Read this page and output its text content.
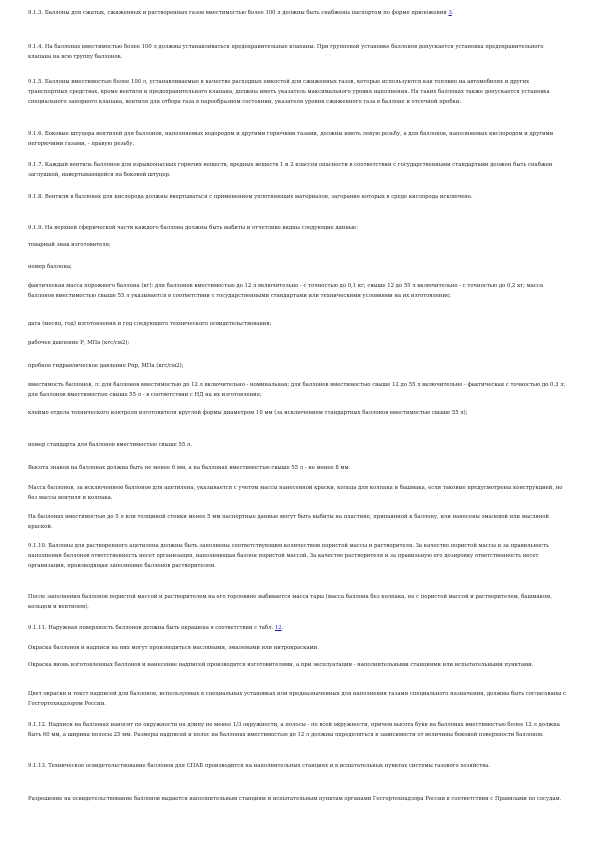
9.1.3. Баллоны для сжатых, сжиженных и растворенных газов вместимостью более 100 л должны быть снабжены паспортом по форме приложения 3.

9.1.4. На баллонах вместимостью более 100 л должны устанавливаться предохранительные клапаны. При групповой установке баллонов допускается установка предохранительного клапана на всю группу баллонов.

9.1.5. Баллоны вместимостью более 100 л, устанавливаемые в качестве расходных емкостей для сжиженных газов, которые используются как топливо на автомобилях и других транспортных средствах, кроме вентиля и предохранительного клапана, должны иметь указатель максимального уровня наполнения. На таких баллонах также допускается установка специального запорного клапана, вентиля для отбора газа в парообразном состоянии, указателя уровня сжиженного газа в баллоне и отсечной пробки.

9.1.6. Боковые штуцера вентилей для баллонов, наполняемых водородом и другими горючими газами, должны иметь левую резьбу, а для баллонов, наполняемых кислородом и другими негорючими газами, - правую резьбу.

9.1.7. Каждый вентиль баллонов для взрывоопасных горючих веществ, вредных веществ 1 и 2 классов опасности в соответствии с государственными стандартами должен быть снабжен заглушкой, навертывающейся на боковой штуцер.

9.1.8. Вентили в баллонах для кислорода должны ввертываться с применением уплотняющих материалов, загорание которых в среде кислорода исключено.

9.1.9. На верхней сферической части каждого баллона должны быть выбиты и отчетливо видны следующие данные:

товарный знак изготовителя;

номер баллона;

фактическая масса порожнего баллона (кг): для баллонов вместимостью до 12 л включительно - с точностью до 0,1 кг; свыше 12 до 55 л включительно - с точностью до 0,2 кг; масса баллонов вместимостью свыше 55 л указывается в соответствии с государственными стандартами или техническими условиями на их изготовление;

дата (месяц, год) изготовления и год следующего технического освидетельствования;

рабочее давление Р, МПа (кгс/см2);

пробное гидравлическое давление Рпр, МПа (кгс/см2);

вместимость баллонов, л: для баллонов вместимостью до 12 л включительно - номинальная; для баллонов вместимостью свыше 12 до 55 л включительно - фактическая с точностью до 0,3 л; для баллонов вместимостью свыше 55 л - в соответствии с НД на их изготовление;

клеймо отдела технического контроля изготовителя круглой формы диаметром 10 мм (за исключением стандартных баллонов вместимостью свыше 55 л);

номер стандарта для баллонов вместимостью свыше 55 л.

Высота знаков на баллонах должна быть не менее 6 мм, а на баллонах вместимостью свыше 55 л - не менее 8 мм.

Масса баллонов, за исключением баллонов для ацетилена, указывается с учетом массы нанесенной краски, кольца для колпака и башмака, если таковые предусмотрены конструкцией, но без массы вентиля и колпака.

На баллонах вместимостью до 5 л или толщиной стенки менее 5 мм паспортные данные могут быть выбиты на пластине, припаянной к баллону, или нанесены эмалевой или масляной краской.

9.1.10. Баллоны для растворенного ацетилена должны быть заполнены соответствующим количеством пористой массы и растворителя. За качество пористой массы и за правильность наполнения баллонов ответственность несет организация, наполняющая баллон пористой массой. За качество растворителя и за правильную его дозировку ответственность несет организация, производящая заполнение баллонов растворителем.

После заполнения баллонов пористой массой и растворителем на его горловине выбивается масса тары (масса баллона без колпака, но с пористой массой и растворителем, башмаком, кольцом и вентилем).

9.1.11. Наружная поверхность баллонов должна быть окрашена в соответствии с табл. 12.

Окраска баллонов и надписи на них могут производиться масляными, эмалевыми или нитрокрасками.

Окраска вновь изготовленных баллонов и нанесение надписей производятся изготовителями, а при эксплуатации - наполнительными станциями или испытательными пунктами.

Цвет окраски и текст надписей для баллонов, используемых в специальных установках или предназначенных для наполнения газами специального назначения, должны быть согласованы с Госгортехнадзором России.

9.1.12. Надписи на баллонах наносят по окружности на длину не менее 1/3 окружности, а полосы - по всей окружности, причем высота букв на баллонах вместимостью более 12 л должна быть 60 мм, а ширина полосы 25 мм. Размеры надписей и полос на баллонах вместимостью до 12 л должны определяться в зависимости от величины боковой поверхности баллонов.

9.1.13. Техническое освидетельствование баллонов для СПАБ производится на наполнительных станциях и в испытательных пунктах системы газового хозяйства.

Разрешение на освидетельствование баллонов выдается наполнительным станциям и испытательным пунктам органами Госгортехнадзора России в соответствии с Правилами по сосудам.
